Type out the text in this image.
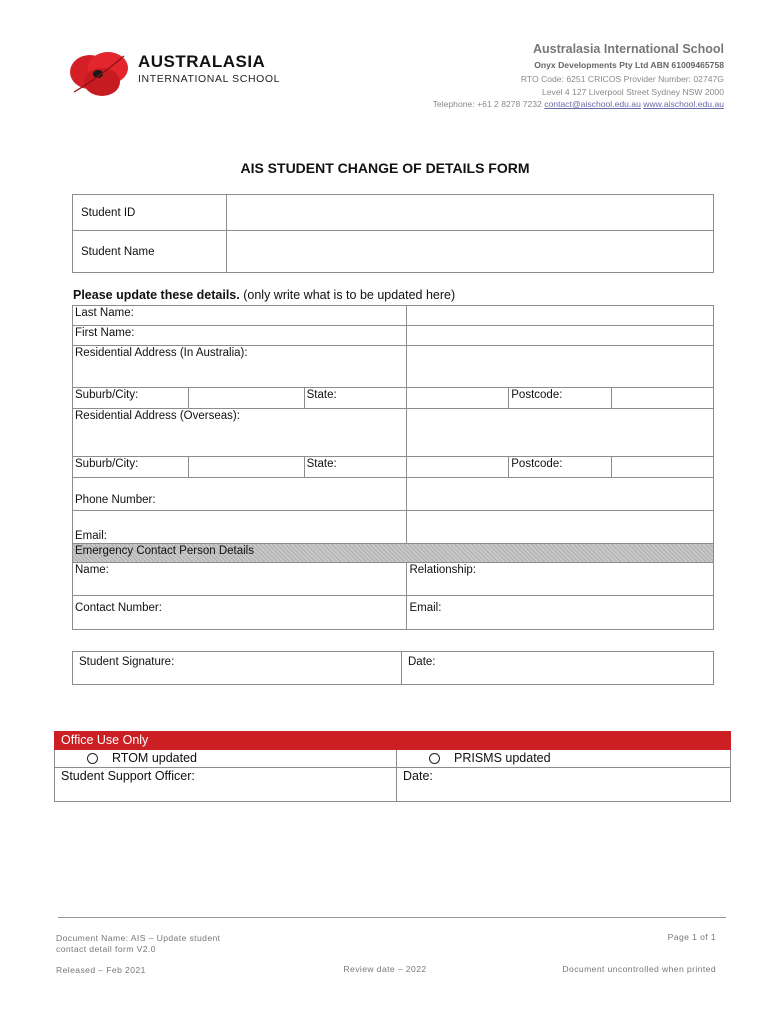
AUSTRALASIA
INTERNATIONAL SCHOOL
Australasia International School
Onyx Developments Pty Ltd ABN 61009465758
RTO Code: 6251 CRICOS Provider Number: 02747G
Level 4 127 Liverpool Street Sydney NSW 2000
Telephone: +61 2 8278 7232 contact@aischool.edu.au www.aischool.edu.au
AIS STUDENT CHANGE OF DETAILS FORM
Student ID	
Student Name	
Please update these details. (only write what is to be updated here)
Last Name:					
First Name:					
Residential Address (In Australia):					
Suburb/City:		State:		Postcode:	
Residential Address (Overseas):					
Suburb/City:		State:		Postcode:	
Phone Number:					
Email:					
Emergency Contact Person Details					
Name:			Relationship:		
Contact Number:			Email:		
Student Signature:	Date:
Office Use Only	
RTOM updated	PRISMS updated
Student Support Officer:	Date:
Document Name: AIS – Update student
contact detail form V2.0
Page 1 of 1
Released – Feb 2021	Review date – 2022	Document uncontrolled when printed
